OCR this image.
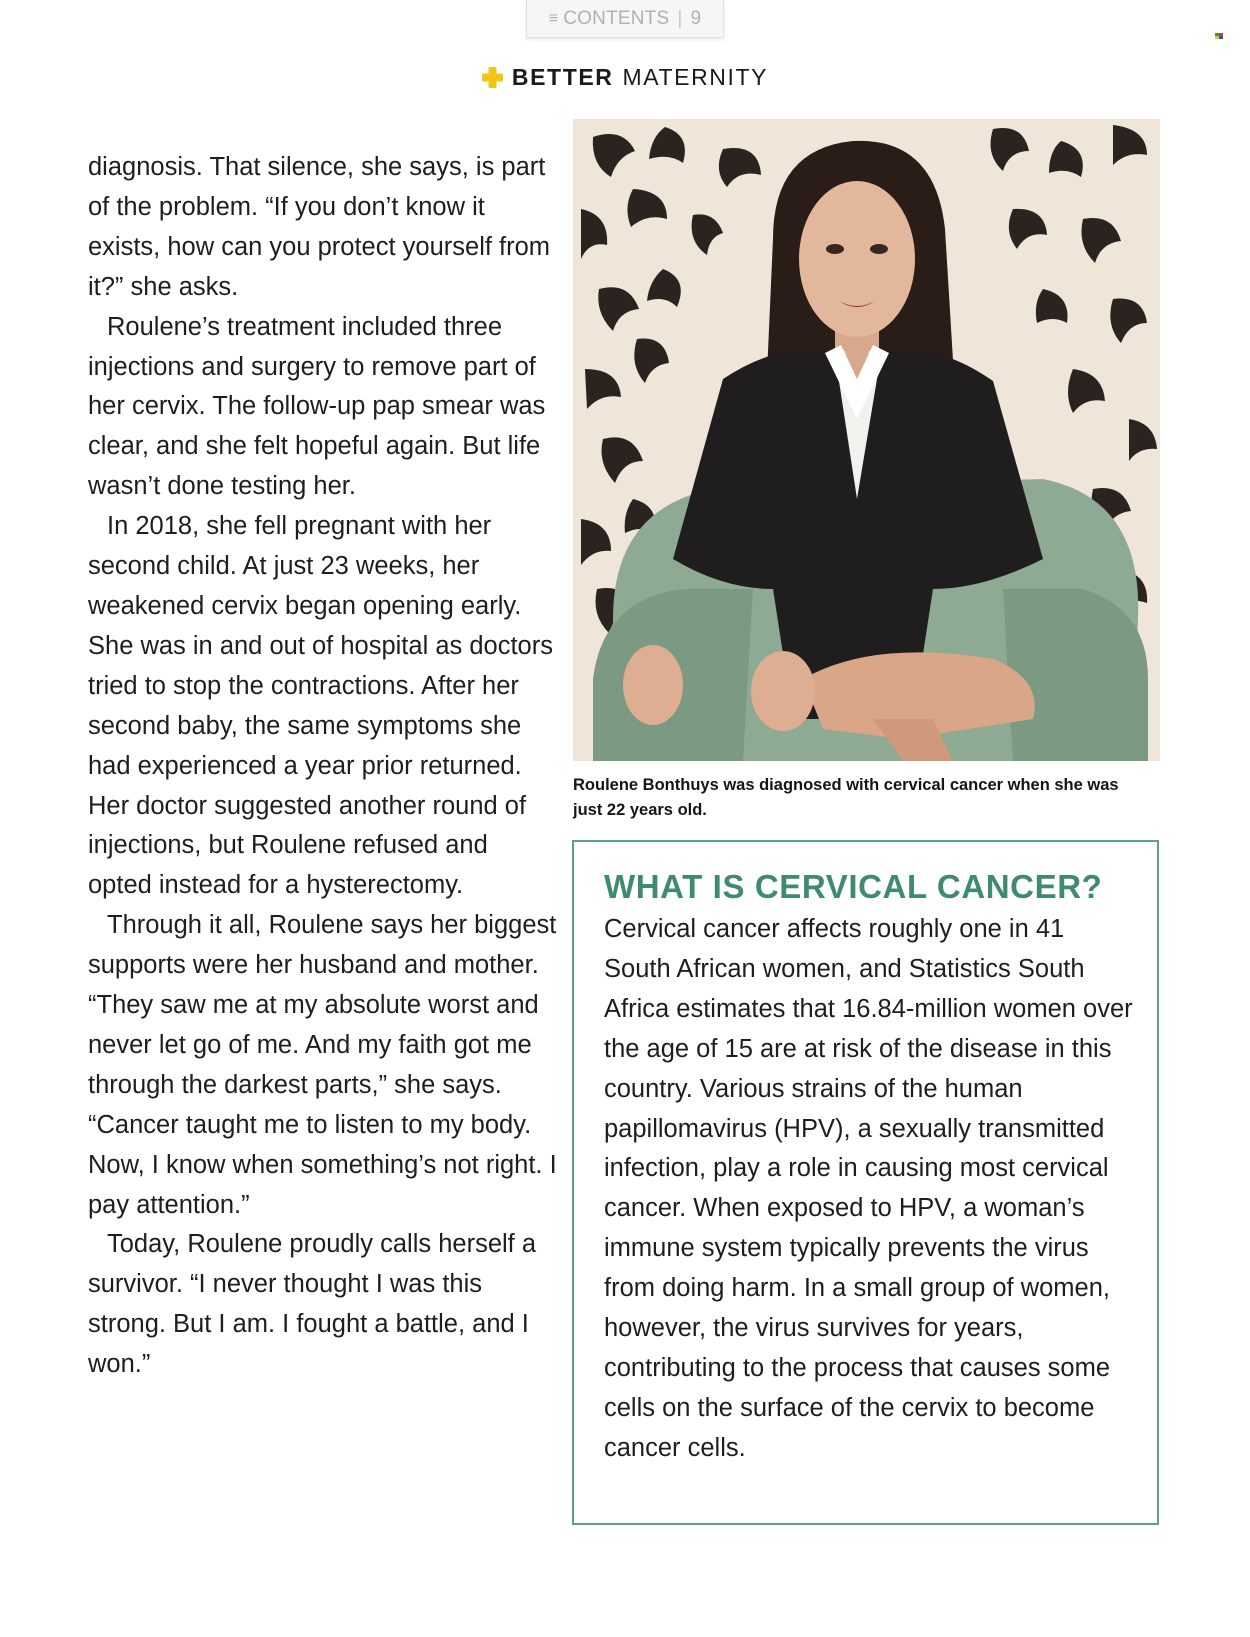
≡ CONTENTS | 9
BETTER MATERNITY

diagnosis. That silence, she says, is part of the problem. “If you don’t know it exists, how can you protect yourself from it?” she asks.

Roulene’s treatment included three injections and surgery to remove part of her cervix. The follow-up pap smear was clear, and she felt hopeful again. But life wasn’t done testing her.

In 2018, she fell pregnant with her second child. At just 23 weeks, her weakened cervix began opening early. She was in and out of hospital as doctors tried to stop the contractions. After her second baby, the same symptoms she had experienced a year prior returned. Her doctor suggested another round of injections, but Roulene refused and opted instead for a hysterectomy.

Through it all, Roulene says her biggest supports were her husband and mother. “They saw me at my absolute worst and never let go of me. And my faith got me through the darkest parts,” she says. “Cancer taught me to listen to my body. Now, I know when something’s not right. I pay attention.”

Today, Roulene proudly calls herself a survivor. “I never thought I was this strong. But I am. I fought a battle, and I won.”

Roulene Bonthuys was diagnosed with cervical cancer when she was just 22 years old.
WHAT IS CERVICAL CANCER?

Cervical cancer affects roughly one in 41 South African women, and Statistics South Africa estimates that 16.84-million women over the age of 15 are at risk of the disease in this country. Various strains of the human papillomavirus (HPV), a sexually transmitted infection, play a role in causing most cervical cancer. When exposed to HPV, a woman’s immune system typically prevents the virus from doing harm. In a small group of women, however, the virus survives for years, contributing to the process that causes some cells on the surface of the cervix to become cancer cells.
